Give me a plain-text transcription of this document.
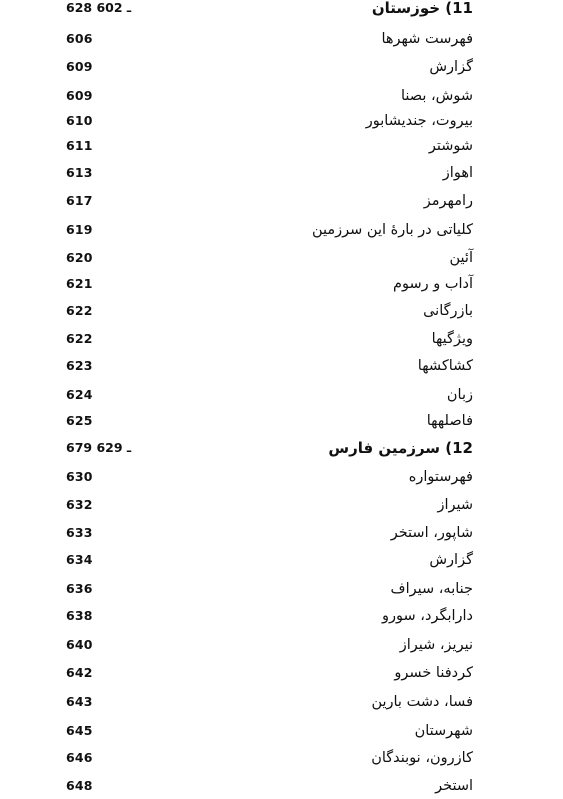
628 ـ 602	11) خوزستان
606	فهرست شهرها
609	گزارش
609	شوش، بصنا
610	بیروت، جندیشابور
611	شوشتر
613	اهواز
617	رامهرمز
619	کلیاتی در بارهٔ این سرزمین
620	آئین
621	آداب و رسوم
622	بازرگانی
622	ویژگیها
623	کشاکشها
624	زبان
625	فاصلهها
679 ـ 629	12) سرزمین فارس
630	فهرستواره
632	شیراز
633	شاپور، استخر
634	گزارش
636	جنابه، سیراف
638	دارابگرد، سورو
640	نیریز، شیراز
642	کردفنا خسرو
643	فسا، دشت بارین
645	شهرستان
646	کازرون، نوبندگان
648	استخر
